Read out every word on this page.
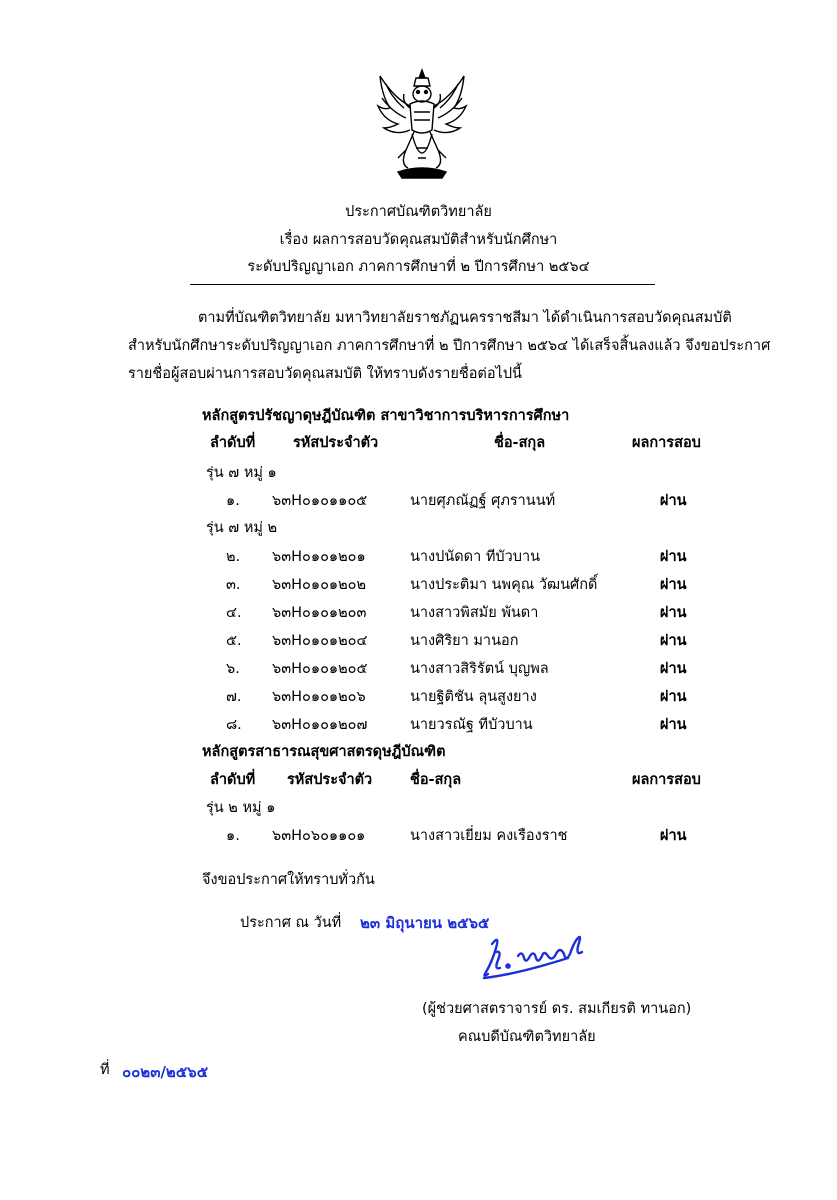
ประกาศบัณฑิตวิทยาลัย
เรื่อง ผลการสอบวัดคุณสมบัติสำหรับนักศึกษา
ระดับปริญญาเอก ภาคการศึกษาที่ ๒ ปีการศึกษา ๒๕๖๔
ตามที่บัณฑิตวิทยาลัย มหาวิทยาลัยราชภัฏนครราชสีมา ได้ดำเนินการสอบวัดคุณสมบัติ
สำหรับนักศึกษาระดับปริญญาเอก ภาคการศึกษาที่ ๒ ปีการศึกษา ๒๕๖๔ ได้เสร็จสิ้นลงแล้ว จึงขอประกาศ
รายชื่อผู้สอบผ่านการสอบวัดคุณสมบัติ ให้ทราบดังรายชื่อต่อไปนี้
หลักสูตรปรัชญาดุษฎีบัณฑิต สาขาวิชาการบริหารการศึกษา
ลำดับที่	รหัสประจำตัว	ชื่อ-สกุล	ผลการสอบ
รุ่น ๗ หมู่ ๑
๑. ๖๓H๐๑๐๑๑๐๕	นายศุภณัฏฐ์ ศุภรานนท์	ผ่าน
รุ่น ๗ หมู่ ๒
๒. ๖๓H๐๑๐๑๒๐๑	นางปนัดดา ทีบัวบาน	ผ่าน
๓. ๖๓H๐๑๐๑๒๐๒	นางประติมา นพคุณ วัฒนศักดิ์	ผ่าน
๔. ๖๓H๐๑๐๑๒๐๓	นางสาวพิสมัย พันดา	ผ่าน
๕. ๖๓H๐๑๐๑๒๐๔	นางศิริยา มานอก	ผ่าน
๖. ๖๓H๐๑๐๑๒๐๕	นางสาวสิริรัตน์ บุญพล	ผ่าน
๗. ๖๓H๐๑๐๑๒๐๖	นายฐิติชัน ลุนสูงยาง	ผ่าน
๘. ๖๓H๐๑๐๑๒๐๗	นายวรณัฐ ทีบัวบาน	ผ่าน
หลักสูตรสาธารณสุขศาสตรดุษฎีบัณฑิต
ลำดับที่ รหัสประจำตัว	ชื่อ-สกุล	ผลการสอบ
รุ่น ๒ หมู่ ๑
๑. ๖๓H๐๖๐๑๑๐๑	นางสาวเยี่ยม คงเรืองราช	ผ่าน
จึงขอประกาศให้ทราบทั่วกัน
ประกาศ ณ วันที่ ๒๓ มิถุนายน ๒๕๖๕
(ผู้ช่วยศาสตราจารย์ ดร. สมเกียรติ ทานอก)
คณบดีบัณฑิตวิทยาลัย
ที่ ๐๐๒๓/๒๕๖๕
